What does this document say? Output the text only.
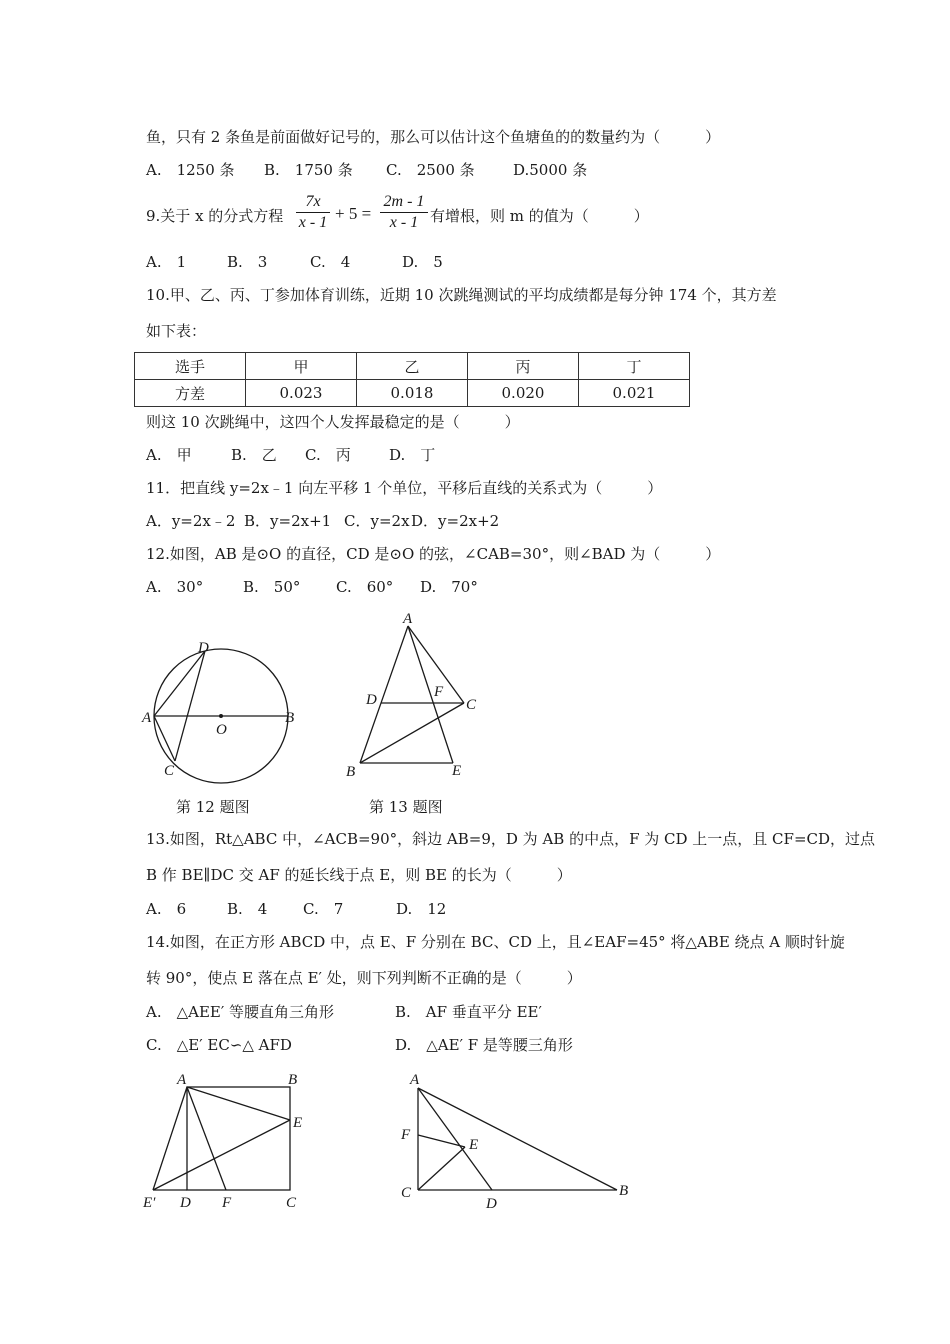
鱼，只有 2 条鱼是前面做好记号的，那么可以估计这个鱼塘鱼的的数量约为（　　　）
A.　1250 条 B.　1750 条 C.　2500 条	D.5000 条
9.关于 x 的分式方程
7x
x - 1 + 5 =
2m - 1
x - 1 有增根，则 m 的值为（　　　）
A.　1	B.　3	C.　4	D.　5
10.甲、乙、丙、丁参加体育训练，近期 10 次跳绳测试的平均成绩都是每分钟 174 个，其方差
如下表：
选手	甲	乙	丙	丁
方差	0.023	0.018	0.020	0.021
则这 10 次跳绳中，这四个人发挥最稳定的是（　　　）
A.　甲	B.　乙 C.　丙	D.　丁
11．把直线 y=2x﹣1 向左平移 1 个单位，平移后直线的关系式为（　　　）
A．y=2x﹣2 B．y=2x+1 C．y=2x D．y=2x+2
12.如图，AB 是⊙O 的直径，CD 是⊙O 的弦，∠CAB=30°，则∠BAD 为（　　　）
A.　30°	B.　50° C.　60° D.　70°
D
A
O
B
C
A
D	F
C
B	E
第 12 题图	第 13 题图
13.如图，Rt△ABC 中，∠ACB=90°，斜边 AB=9，D 为 AB 的中点，F 为 CD 上一点，且 CF=CD，过点
B 作 BE∥DC 交 AF 的延长线于点 E，则 BE 的长为（　　　）
A.　6	B.　4 C.　7	D.　12
14.如图，在正方形 ABCD 中，点 E、F 分别在 BC、CD 上，且∠EAF=45° 将△ABE 绕点 A 顺时针旋
转 90°，使点 E 落在点 E′ 处，则下列判断不正确的是（　　　）
A.　△AEE′ 等腰直角三角形	B.　AF 垂直平分 EE′
C.　△E′ EC∽△ AFD	D.　△AE′ F 是等腰三角形
A	B
E
E′ D F	C
A
F
E
C
D
B
